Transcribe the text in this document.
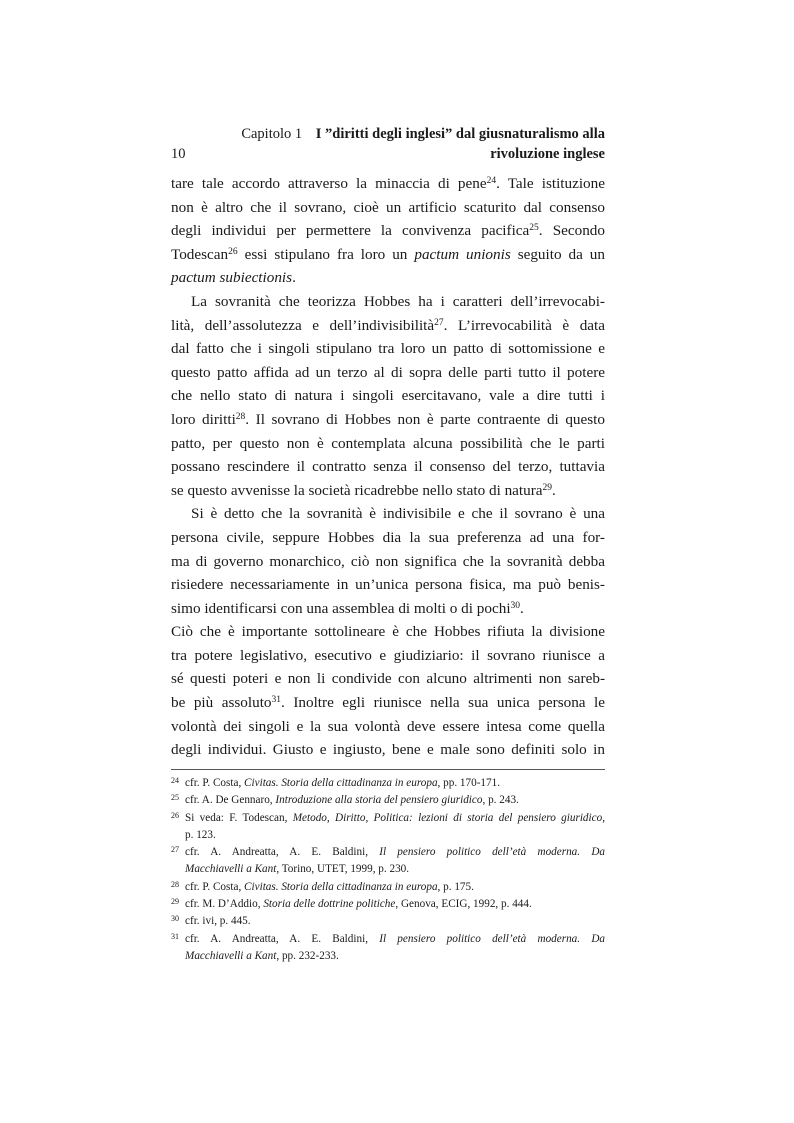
Capitolo 1 I ”diritti degli inglesi” dal giusnaturalismo alla
10	rivoluzione inglese
tare tale accordo attraverso la minaccia di pene$^{24}$. Tale istituzione
non è altro che il sovrano, cioè un artificio scaturito dal consenso
degli individui per permettere la convivenza pacifica$^{25}$. Secondo
Todescan$^{26}$ essi stipulano fra loro un pactum unionis seguito da un
pactum subiectionis.
La sovranità che teorizza Hobbes ha i caratteri dell’irrevocabi-
lità, dell’assolutezza e dell’indivisibilità$^{27}$. L’irrevocabilità è data
dal fatto che i singoli stipulano tra loro un patto di sottomissione e
questo patto affida ad un terzo al di sopra delle parti tutto il potere
che nello stato di natura i singoli esercitavano, vale a dire tutti i
loro diritti$^{28}$. Il sovrano di Hobbes non è parte contraente di questo
patto, per questo non è contemplata alcuna possibilità che le parti
possano rescindere il contratto senza il consenso del terzo, tuttavia
se questo avvenisse la società ricadrebbe nello stato di natura$^{29}$.
Si è detto che la sovranità è indivisibile e che il sovrano è una
persona civile, seppure Hobbes dia la sua preferenza ad una for-
ma di governo monarchico, ciò non significa che la sovranità debba
risiedere necessariamente in un’unica persona fisica, ma può benis-
simo identificarsi con una assemblea di molti o di pochi$^{30}$.
Ciò che è importante sottolineare è che Hobbes rifiuta la divisione
tra potere legislativo, esecutivo e giudiziario: il sovrano riunisce a
sé questi poteri e non li condivide con alcuno altrimenti non sareb-
be più assoluto$^{31}$. Inoltre egli riunisce nella sua unica persona le
volontà dei singoli e la sua volontà deve essere intesa come quella
degli individui. Giusto e ingiusto, bene e male sono definiti solo in
24 cfr. P. Costa, Civitas. Storia della cittadinanza in europa, pp. 170-171.
25 cfr. A. De Gennaro, Introduzione alla storia del pensiero giuridico, p. 243.
26 Si veda: F. Todescan, Metodo, Diritto, Politica: lezioni di storia del pensiero giuridico,
p. 123.
27 cfr. A. Andreatta, A. E. Baldini, Il pensiero politico dell’età moderna. Da
Macchiavelli a Kant, Torino, UTET, 1999, p. 230.
28 cfr. P. Costa, Civitas. Storia della cittadinanza in europa, p. 175.
29 cfr. M. D’Addio, Storia delle dottrine politiche, Genova, ECIG, 1992, p. 444.
30 cfr. ivi, p. 445.
31 cfr. A. Andreatta, A. E. Baldini, Il pensiero politico dell’età moderna. Da
Macchiavelli a Kant, pp. 232-233.
